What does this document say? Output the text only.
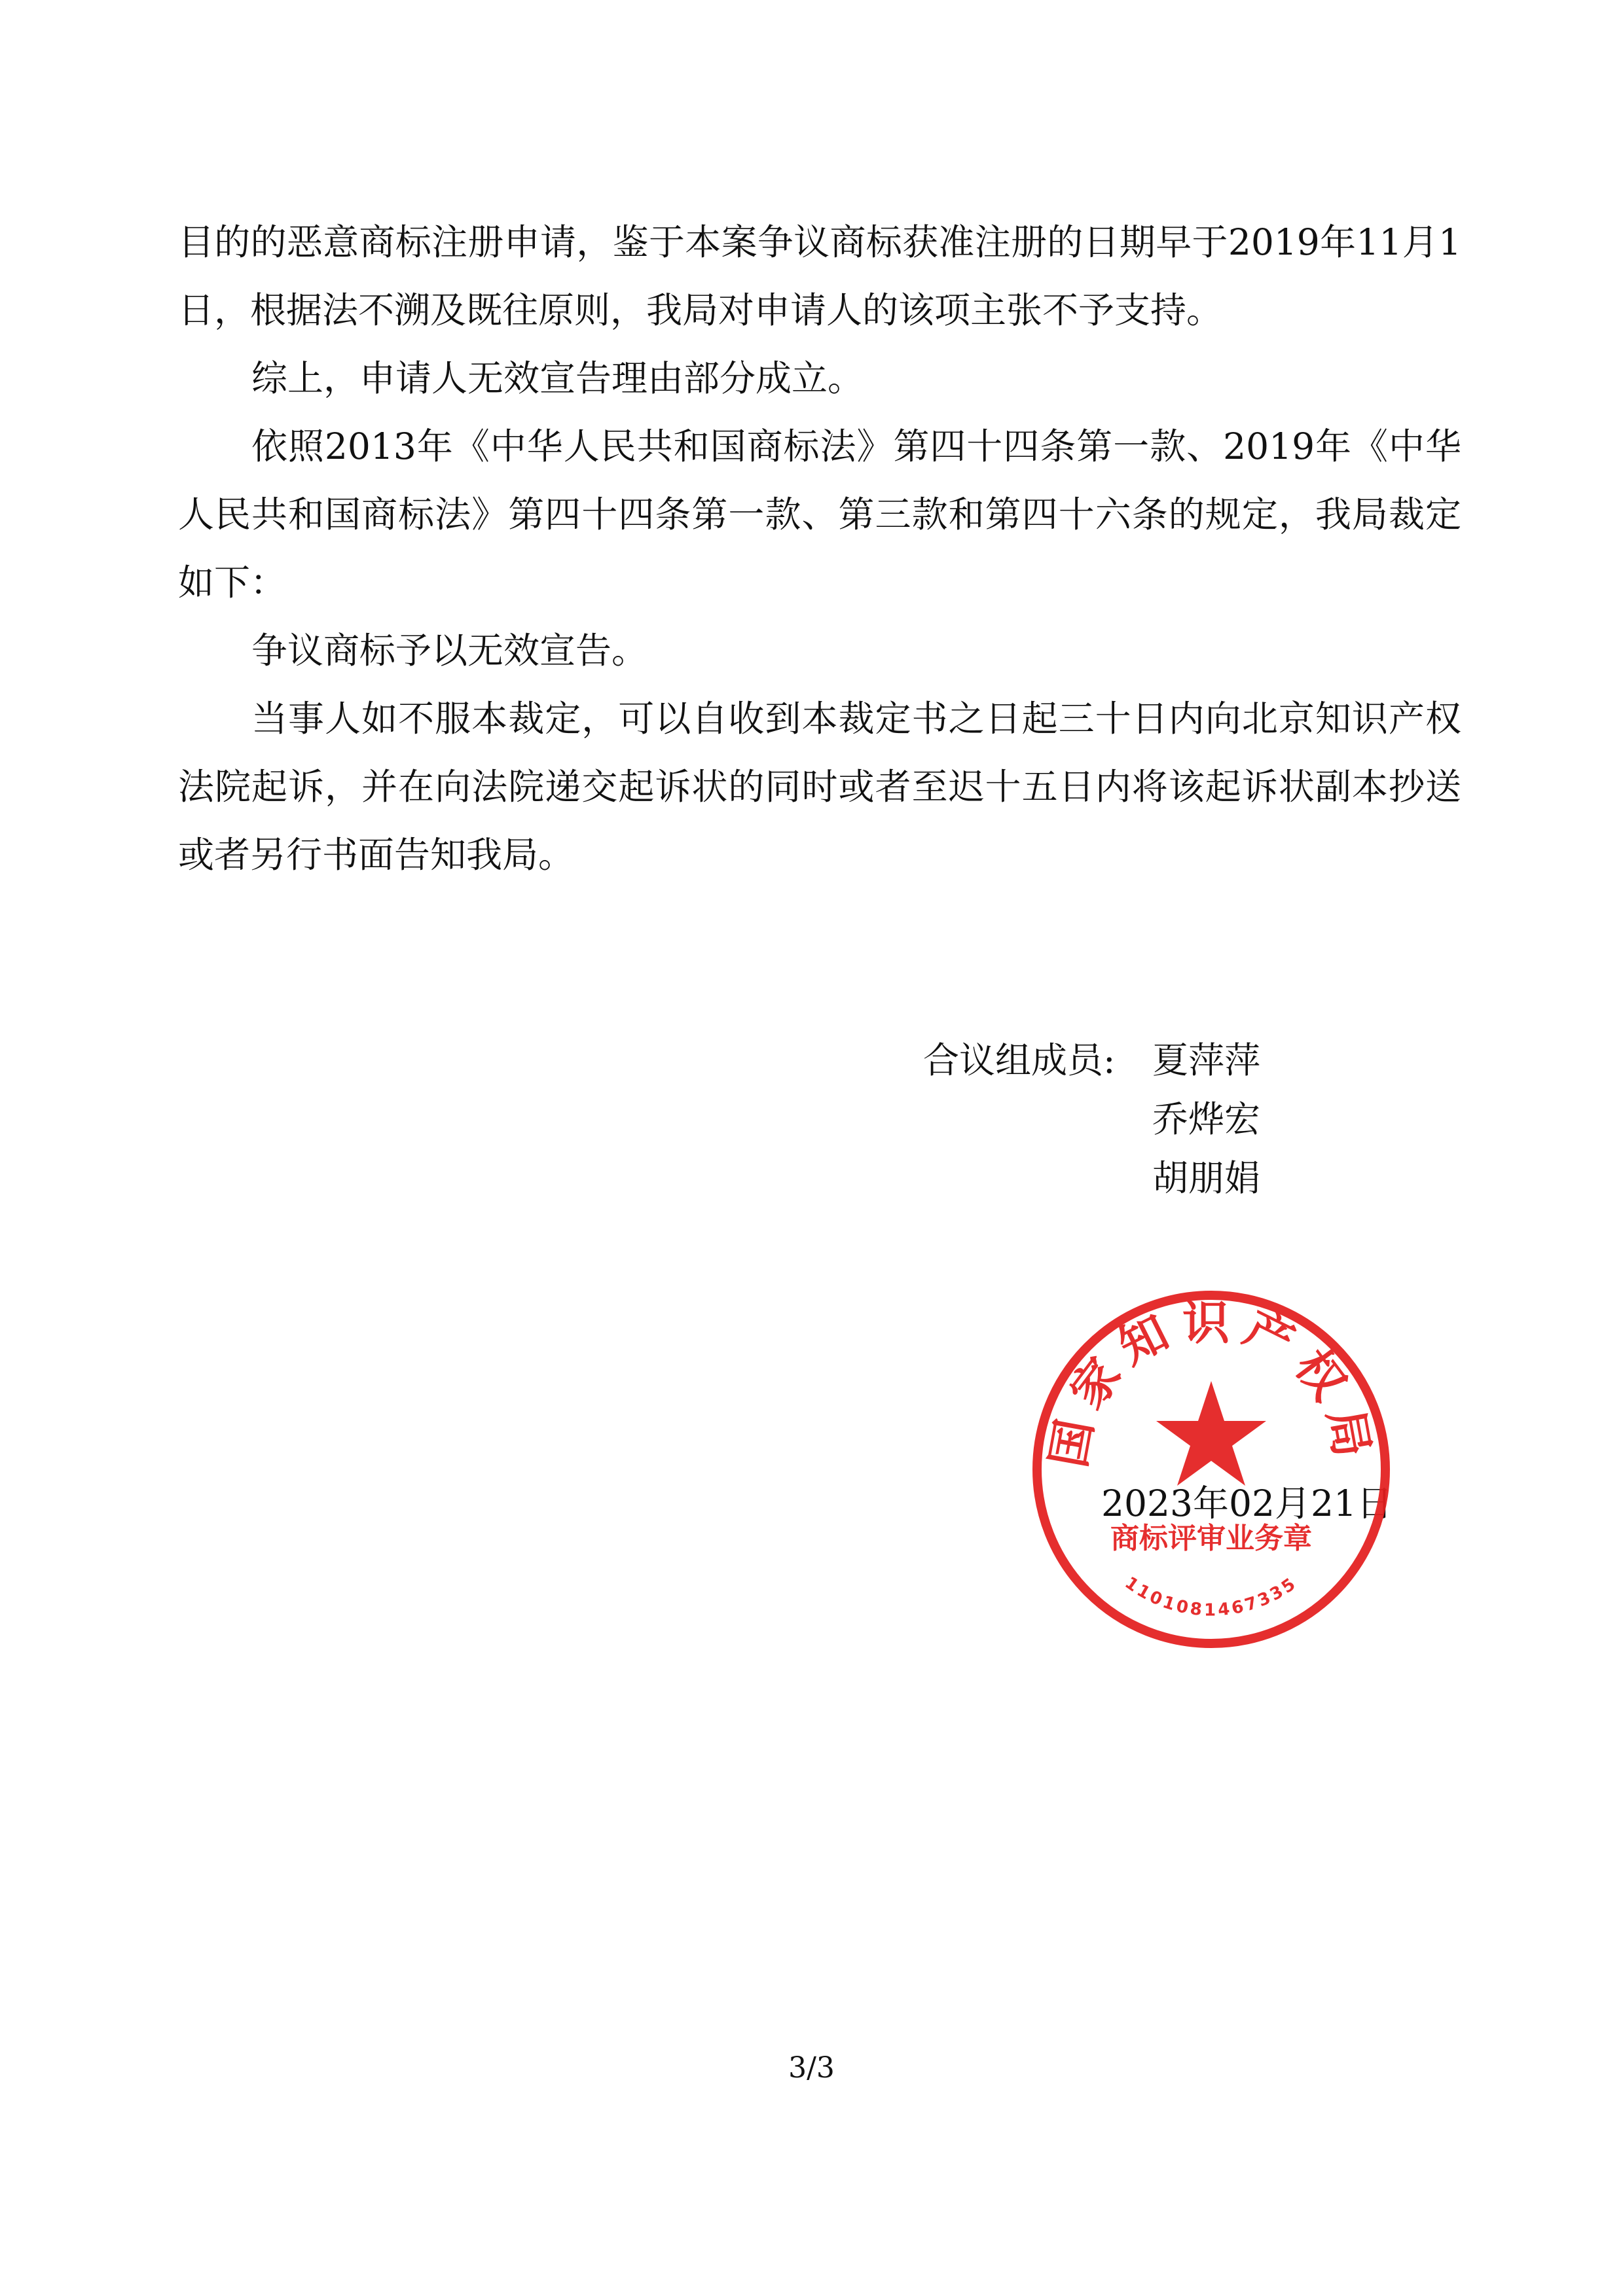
目的的恶意商标注册申请，鉴于本案争议商标获准注册的日期早于2019年11月1日，根据法不溯及既往原则，我局对申请人的该项主张不予支持。

综上，申请人无效宣告理由部分成立。

依照2013年《中华人民共和国商标法》第四十四条第一款、2019年《中华人民共和国商标法》第四十四条第一款、第三款和第四十六条的规定，我局裁定如下：

争议商标予以无效宣告。

当事人如不服本裁定，可以自收到本裁定书之日起三十日内向北京知识产权法院起诉，并在向法院递交起诉状的同时或者至迟十五日内将该起诉状副本抄送或者另行书面告知我局。

合议组成员:	夏萍萍
乔烨宏
胡朋娟
2023年02月21日
国家知识产权局
商标评审业务章
1101081467335
3/3
